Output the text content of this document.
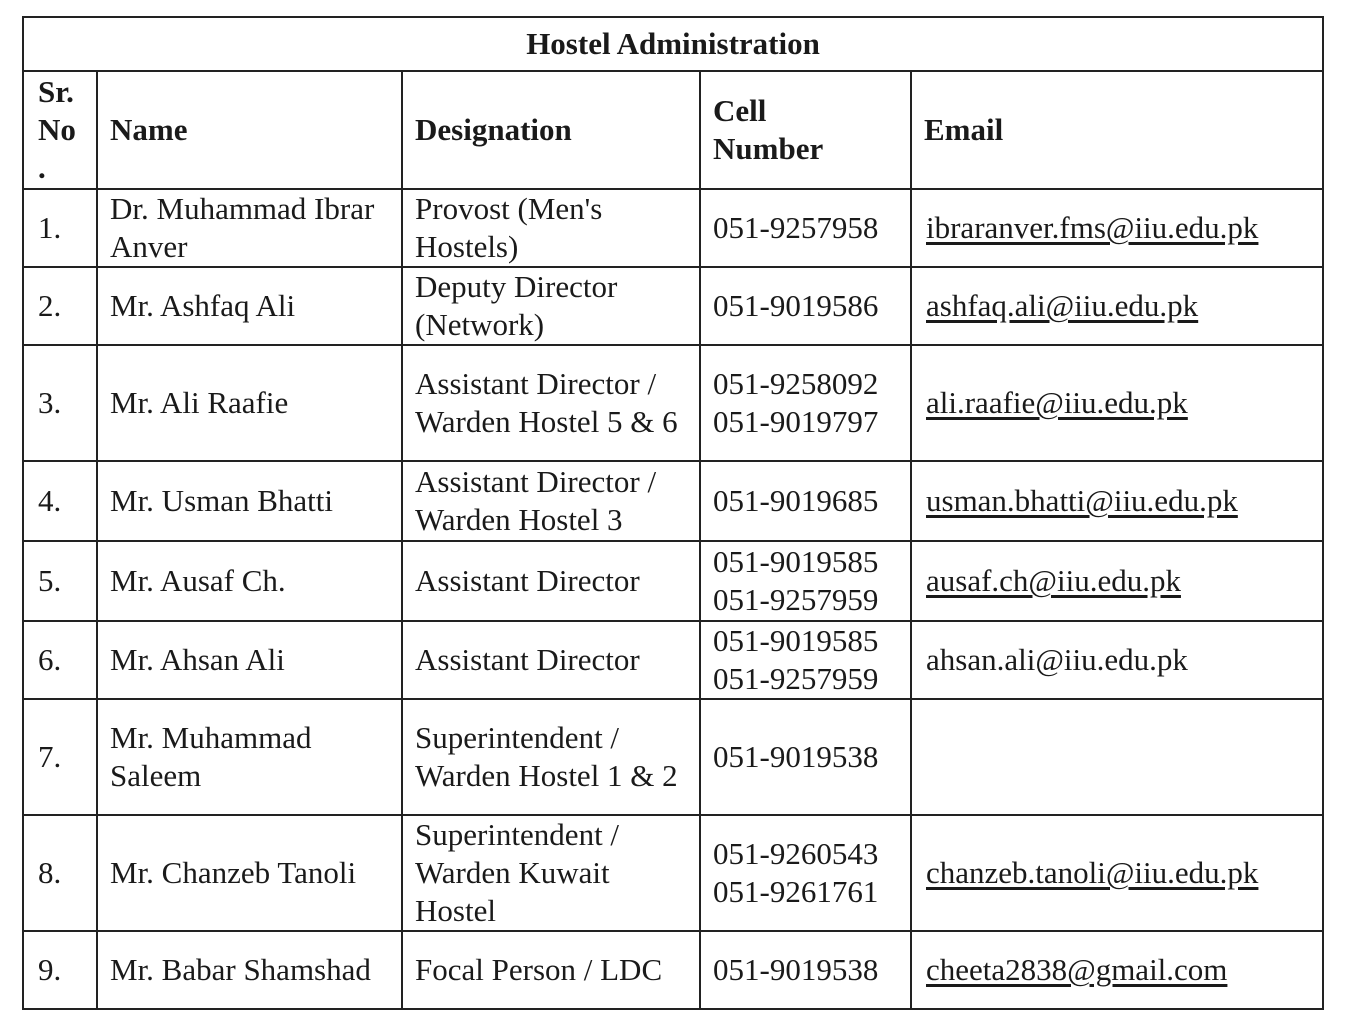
Hostel Administration				
Sr. No .	Name	Designation	Cell Number	Email
1.	Dr. Muhammad Ibrar Anver	Provost (Men's Hostels)	051-9257958	ibraranver.fms@iiu.edu.pk
2.	Mr. Ashfaq Ali	Deputy Director (Network)	051-9019586	ashfaq.ali@iiu.edu.pk
3.	Mr. Ali Raafie	Assistant Director / Warden Hostel 5 & 6	051-9258092
051-9019797	ali.raafie@iiu.edu.pk
4.	Mr. Usman Bhatti	Assistant Director / Warden Hostel 3	051-9019685	usman.bhatti@iiu.edu.pk
5.	Mr. Ausaf Ch.	Assistant Director	051-9019585
051-9257959	ausaf.ch@iiu.edu.pk
6.	Mr. Ahsan Ali	Assistant Director	051-9019585
051-9257959	ahsan.ali@iiu.edu.pk
7.	Mr. Muhammad Saleem	Superintendent / Warden Hostel 1 & 2	051-9019538	

8.	Mr. Chanzeb Tanoli	Superintendent / Warden Kuwait Hostel	051-9260543
051-9261761	chanzeb.tanoli@iiu.edu.pk
9.	Mr. Babar Shamshad	Focal Person / LDC	051-9019538	cheeta2838@gmail.com
